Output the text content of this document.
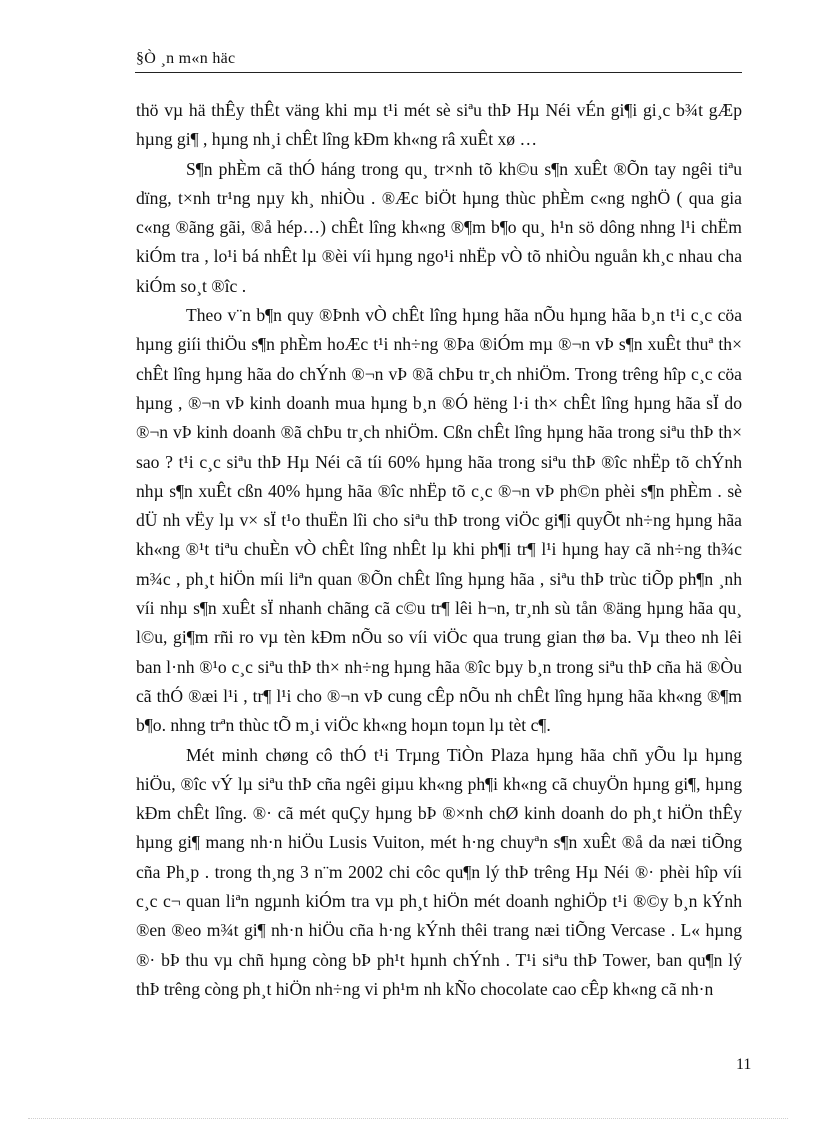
§Ò ¸n m«n häc

thö vµ hä thÊy thÊt väng khi mµ t¹i mét sè siªu thÞ Hµ Néi vÉn gi¶i gi¸c b¾t gÆp hµng gi¶ , hµng nh¸i chÊt lîng kÐm kh«ng râ xuÊt xø …

S¶n phÈm cã thÓ háng trong qu¸ tr×nh tõ kh©u s¶n xuÊt ®Õn tay ngêi tiªu dïng, t×nh tr¹ng nµy kh¸ nhiÒu . ®Æc biÖt hµng thùc phÈm c«ng nghÖ ( qua gia c«ng ®ãng gãi, ®å hép…) chÊt lîng kh«ng ®¶m b¶o qu¸ h¹n sö dông nhng l¹i chËm kiÓm tra , lo¹i bá nhÊt lµ ®èi víi hµng ngo¹i nhËp vÒ tõ nhiÒu nguån kh¸c nhau cha kiÓm so¸t ®îc .

Theo v¨n b¶n quy ®Þnh vÒ chÊt lîng hµng hãa nÕu hµng hãa b¸n t¹i c¸c cöa hµng giíi thiÖu s¶n phÈm hoÆc t¹i nh÷ng ®Þa ®iÓm mµ ®¬n vÞ s¶n xuÊt thuª th× chÊt lîng hµng hãa do chÝnh ®¬n vÞ ®ã chÞu tr¸ch nhiÖm. Trong trêng hîp c¸c cöa hµng , ®¬n vÞ kinh doanh mua hµng b¸n ®Ó hëng l·i th× chÊt lîng hµng hãa sÏ do ®¬n vÞ kinh doanh ®ã chÞu tr¸ch nhiÖm. Cßn chÊt lîng hµng hãa trong siªu thÞ th× sao ? t¹i c¸c siªu thÞ Hµ Néi cã tíi 60% hµng hãa trong siªu thÞ ®îc nhËp tõ chÝnh nhµ s¶n xuÊt cßn 40% hµng hãa ®îc nhËp tõ c¸c ®¬n vÞ ph©n phèi s¶n phÈm . sè dÜ nh vËy lµ v× sÏ t¹o thuËn lîi cho siªu thÞ trong viÖc gi¶i quyÕt nh÷ng hµng hãa kh«ng ®¹t tiªu chuÈn vÒ chÊt lîng nhÊt lµ khi ph¶i tr¶ l¹i hµng hay cã nh÷ng th¾c m¾c , ph¸t hiÖn míi liªn quan ®Õn chÊt lîng hµng hãa , siªu thÞ trùc tiÕp ph¶n ¸nh víi nhµ s¶n xuÊt sÏ nhanh chãng cã c©u tr¶ lêi h¬n, tr¸nh sù tån ®äng hµng hãa qu¸ l©u, gi¶m rñi ro vµ tèn kÐm nÕu so víi viÖc qua trung gian thø ba. Vµ theo nh lêi ban l·nh ®¹o c¸c siªu thÞ th× nh÷ng hµng hãa ®îc bµy b¸n trong siªu thÞ cña hä ®Òu cã thÓ ®æi l¹i , tr¶ l¹i cho ®¬n vÞ cung cÊp nÕu nh chÊt lîng hµng hãa kh«ng ®¶m b¶o. nhng trªn thùc tÕ m¸i viÖc kh«ng hoµn toµn lµ tèt c¶.

Mét minh chøng cô thÓ t¹i Trµng TiÒn Plaza hµng hãa chñ yÕu lµ hµng hiÖu, ®îc vÝ lµ siªu thÞ cña ngêi giµu kh«ng ph¶i kh«ng cã chuyÖn hµng gi¶, hµng kÐm chÊt lîng. ®· cã mét quÇy hµng bÞ ®×nh chØ kinh doanh do ph¸t hiÖn thÊy hµng gi¶ mang nh·n hiÖu Lusis Vuiton, mét h·ng chuyªn s¶n xuÊt ®å da næi tiÕng cña Ph¸p . trong th¸ng 3 n¨m 2002 chi côc qu¶n lý thÞ trêng Hµ Néi ®· phèi hîp víi c¸c c¬ quan liªn ngµnh kiÓm tra vµ ph¸t hiÖn mét doanh nghiÖp t¹i ®©y b¸n kÝnh ®en ®eo m¾t gi¶ nh·n hiÖu cña h·ng kÝnh thêi trang næi tiÕng Vercase . L« hµng ®· bÞ thu vµ chñ hµng còng bÞ ph¹t hµnh chÝnh . T¹i siªu thÞ Tower, ban qu¶n lý thÞ trêng còng ph¸t hiÖn nh÷ng vi ph¹m nh kÑo chocolate cao cÊp kh«ng cã nh·n

11
